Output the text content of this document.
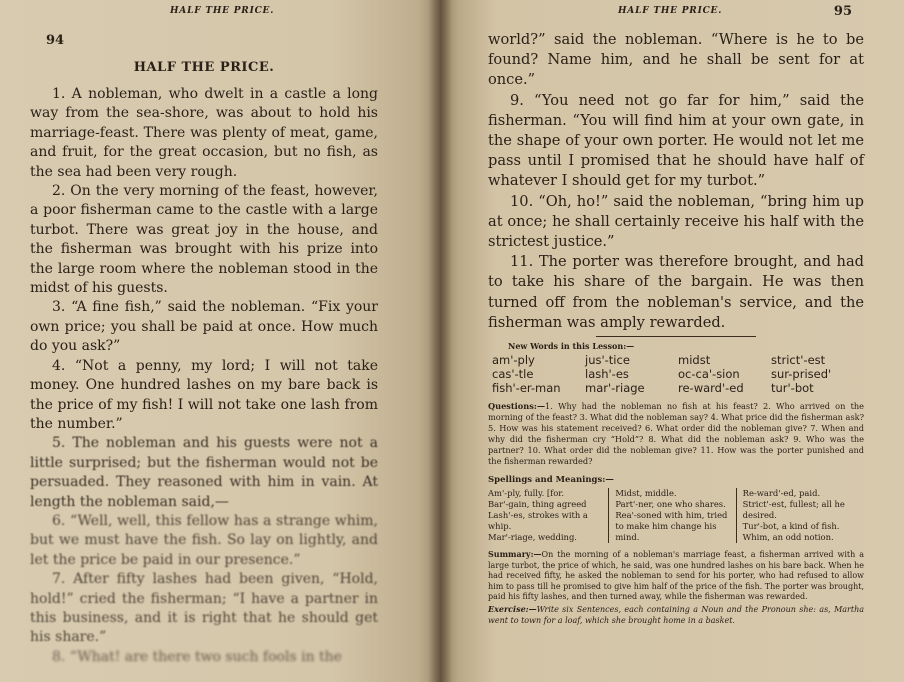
94
HALF THE PRICE.
HALF THE PRICE.

1. A nobleman, who dwelt in a castle a long way from the sea-shore, was about to hold his marriage-feast. There was plenty of meat, game, and fruit, for the great occasion, but no fish, as the sea had been very rough.

2. On the very morning of the feast, however, a poor fisherman came to the castle with a large turbot. There was great joy in the house, and the fisherman was brought with his prize into the large room where the nobleman stood in the midst of his guests.

3. “A fine fish,” said the nobleman. “Fix your own price; you shall be paid at once. How much do you ask?”

4. “Not a penny, my lord; I will not take money. One hundred lashes on my bare back is the price of my fish! I will not take one lash from the number.”

5. The nobleman and his guests were not a little surprised; but the fisherman would not be persuaded. They reasoned with him in vain. At length the nobleman said,—

6. “Well, well, this fellow has a strange whim, but we must have the fish. So lay on lightly, and let the price be paid in our presence.”

7. After fifty lashes had been given, “Hold, hold!” cried the fisherman; “I have a partner in this business, and it is right that he should get his share.”

8. “What! are there two such fools in the

HALF THE PRICE.	95

world?” said the nobleman. “Where is he to be found? Name him, and he shall be sent for at once.”

9. “You need not go far for him,” said the fisherman. “You will find him at your own gate, in the shape of your own porter. He would not let me pass until I promised that he should have half of whatever I should get for my turbot.”

10. “Oh, ho!” said the nobleman, “bring him up at once; he shall certainly receive his half with the strictest justice.”

11. The porter was therefore brought, and had to take his share of the bargain. He was then turned off from the nobleman's service, and the fisherman was amply rewarded.

New Words in this Lesson:—
am'-ply	jus'-tice	midst	strict'-est
cas'-tle	lash'-es	oc-ca'-sion	sur-prised'
fish'-er-man	mar'-riage	re-ward'-ed	tur'-bot
Questions:—1. Why had the nobleman no fish at his feast? 2. Who arrived on the morning of the feast? 3. What did the nobleman say? 4. What price did the fisherman ask? 5. How was his statement received? 6. What order did the nobleman give? 7. When and why did the fisherman cry “Hold”? 8. What did the nobleman ask? 9. Who was the partner? 10. What order did the nobleman give? 11. How was the porter punished and the fisherman rewarded?
Spellings and Meanings:—
Am'-ply, fully. [for.
Bar'-gain, thing agreed
Lash'-es, strokes with a whip.
Mar'-riage, wedding.
Midst, middle.
Part'-ner, one who shares.
Rea'-soned with him, tried to make him change his mind.
Re-ward'-ed, paid.
Strict'-est, fullest; all he desired.
Tur'-bot, a kind of fish.
Whim, an odd notion.
Summary:—On the morning of a nobleman's marriage feast, a fisherman arrived with a large turbot, the price of which, he said, was one hundred lashes on his bare back. When he had received fifty, he asked the nobleman to send for his porter, who had refused to allow him to pass till he promised to give him half of the price of the fish. The porter was brought, paid his fifty lashes, and then turned away, while the fisherman was rewarded.
Exercise:—Write six Sentences, each containing a Noun and the Pronoun she: as, Martha went to town for a loaf, which she brought home in a basket.
